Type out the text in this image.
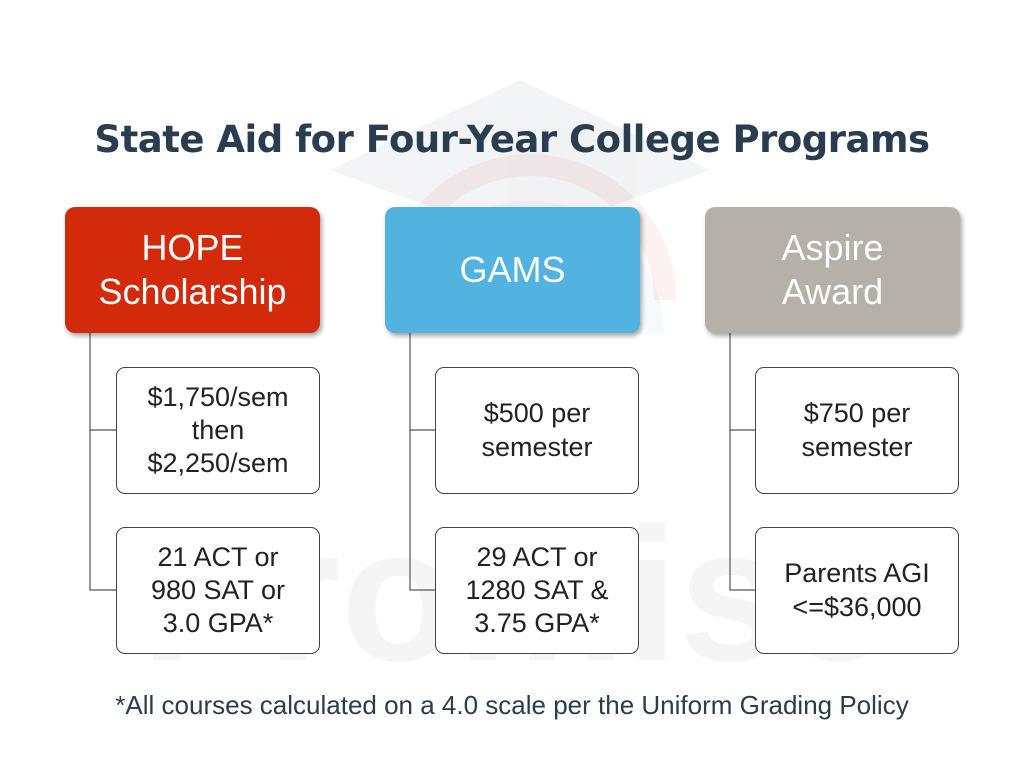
State Aid for Four-Year College Programs
HOPE
Scholarship
$1,750/sem
then
$2,250/sem
21 ACT or
980 SAT or
3.0 GPA*
GAMS
$500 per
semester
29 ACT or
1280 SAT &
3.75 GPA*
Aspire
Award
$750 per
semester
Parents AGI
<=$36,000
*All courses calculated on a 4.0 scale per the Uniform Grading Policy
